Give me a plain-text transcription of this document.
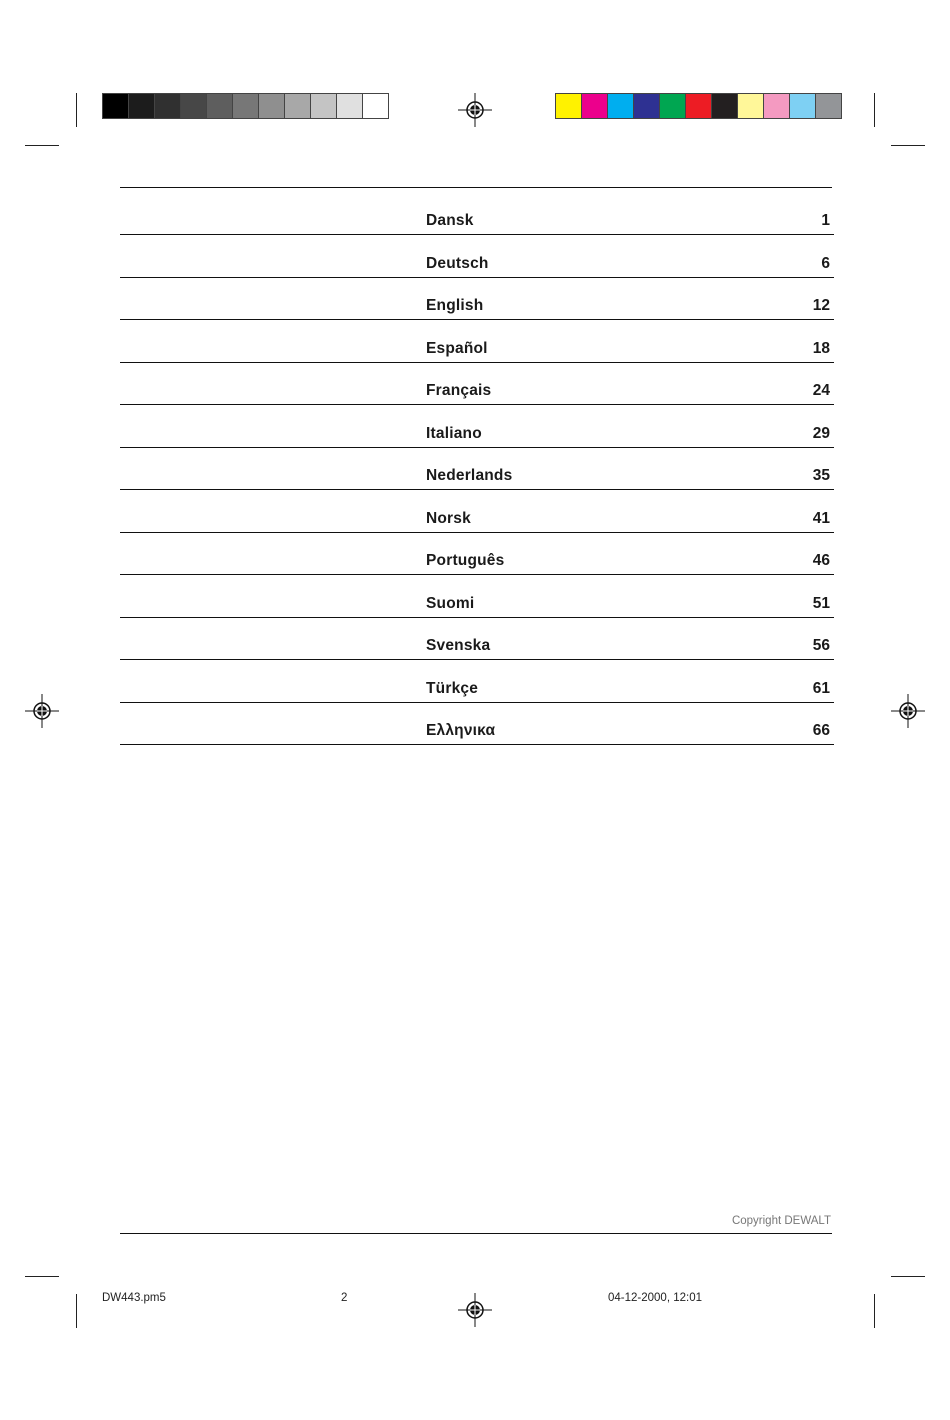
Dansk	1
Deutsch	6
English	12
Español	18
Français	24
Italiano	29
Nederlands	35
Norsk	41
Português	46
Suomi	51
Svenska	56
Türkçe	61
Ελληνικα	66
Copyright DEWALT
DW443.pm5	2	04-12-2000, 12:01
